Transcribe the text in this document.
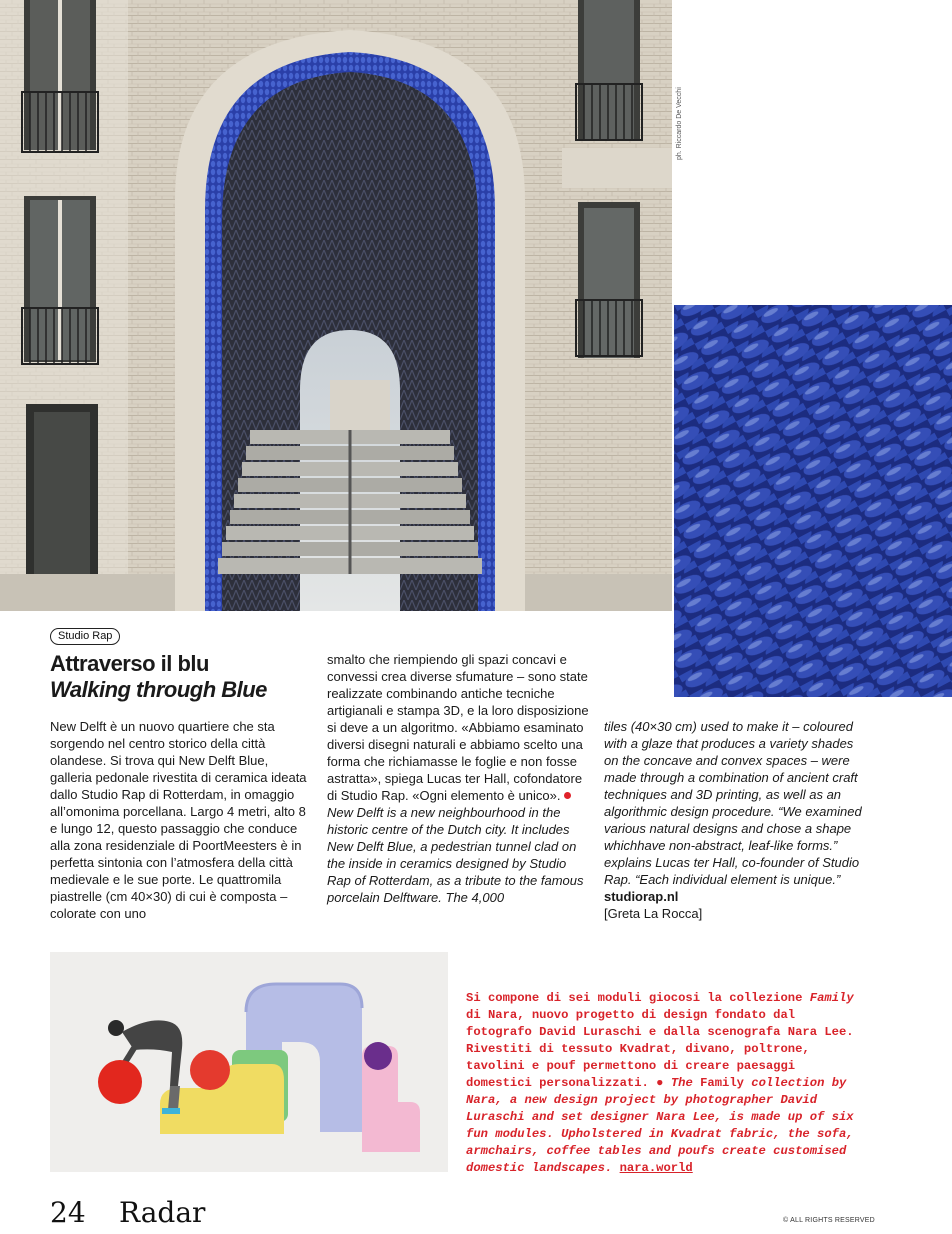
ph. Riccardo De Vecchi
Studio Rap
Attraverso il blu
Walking through Blue

New Delft è un nuovo quartiere che sta sorgendo nel centro storico della città olandese. Si trova qui New Delft Blue, galleria pedonale rivestita di ceramica ideata dallo Studio Rap di Rotterdam, in omaggio all’omonima porcellana. Largo 4 metri, alto 8 e lungo 12, questo passaggio che conduce alla zona residenziale di PoortMeesters è in perfetta sintonia con l’atmosfera della città medievale e le sue porte. Le quattromila piastrelle (cm 40×30) di cui è composta – colorate con uno

smalto che riempiendo gli spazi concavi e convessi crea diverse sfumature – sono state realizzate combinando antiche tecniche artigianali e stampa 3D, e la loro disposizione si deve a un algoritmo. «Abbiamo esaminato diversi disegni naturali e abbiamo scelto una forma che richiamasse le foglie e non fosse astratta», spiega Lucas ter Hall, cofondatore di Studio Rap. «Ogni elemento è unico». New Delft is a new neighbourhood in the historic centre of the Dutch city. It includes New Delft Blue, a pedestrian tunnel clad on the inside in ceramics designed by Studio Rap of Rotterdam, as a tribute to the famous porcelain Delftware. The 4,000

tiles (40×30 cm) used to make it – coloured with a glaze that produces a variety shades on the concave and convex spaces – were made through a combination of ancient craft techniques and 3D printing, as well as an algorithmic design procedure. “We examined various natural designs and chose a shape whichhave non-abstract, leaf-like forms.” explains Lucas ter Hall, co-founder of Studio Rap. “Each individual element is unique.” studiorap.nl

[Greta La Rocca]

Si compone di sei moduli giocosi la collezione Family di Nara, nuovo progetto di design fondato dal fotografo David Luraschi e dalla scenografa Nara Lee. Rivestiti di tessuto Kvadrat, divano, poltrone, tavolini e pouf permettono di creare paesaggi domestici personalizzati. ● The Family collection by Nara, a new design project by photographer David Luraschi and set designer Nara Lee, is made up of six fun modules. Upholstered in Kvadrat fabric, the sofa, armchairs, coffee tables and poufs create customised domestic landscapes. nara.world
24 Radar	© ALL RIGHTS RESERVED
